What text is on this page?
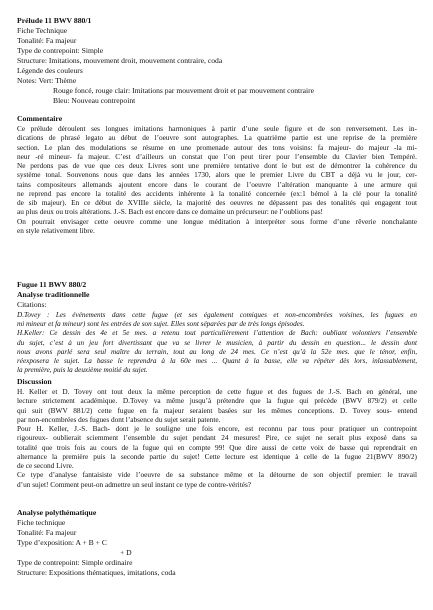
Prélude 11 BWV 880/1
Fiche Technique
Tonalité: Fa majeur
Type de contrepoint: Simple
Structure: Imitations, mouvement droit, mouvement contraire, coda
Légende des couleurs
Notes: Vert: Thème
Rouge foncé, rouge clair: Imitations par mouvement droit et par mouvement contraire
Bleu: Nouveau contrepoint
Commentaire
Ce prélude déroulent ses longues imitations harmoniques à partir d’une seule figure et de son renversement. Les in-
dications de phrasé legato au début de l’oeuvre sont autographes. La quatrième partie est une reprise de la première
section. Le plan des modulations se résume en une promenade autour des tons voisins: fa majeur- do majeur -la mi-
neur -ré mineur- fa majeur. C’est d’ailleurs un constat que l’on peut tirer pour l’ensemble du Clavier bien Tempéré.
Ne perdons pas de vue que ces deux Livres sont une première tentative dont le but est de démontrer la cohérence du
système tonal. Souvenons nous que dans les années 1730, alors que le premier Livre du CBT a déjà vu le jour, cer-
tains compositeurs allemands ajoutent encore dans le courant de l’oeuvre l’altération manquante à une armure qui
ne reprend pas encore la totalité des accidents inhérente à la tonalité concernée (ex:1 bémol à la clé pour la tonalité
de sib majeur). En ce début de XVIIIe siècle, la majorité des oeuvres ne dépassent pas des tonalités qui engagent tout
au plus deux ou trois altérations. J.-S. Bach est encore dans ce domaine un précurseur: ne l’oublions pas!
On pourrait envisager cette oeuvre comme une longue méditation à interpréter sous forme d’une rêverie nonchalante
en style relativement libre.
Fugue 11 BWV 880/2
Analyse traditionnelle
Citations:
D.Tovey : Les événements dans cette fugue (et ses également comiques et non-encombrées voisines, les fugues en
mi mineur et fa mineur) sont les entrées de son sujet. Elles sont séparées par de très longs épisodes.
H.Keller: Ce dessin des 4e et 5e mes. a retenu tout particulièrement l’attention de Bach: oubliant volontiers l’ensemble
du sujet, c’est à un jeu fort divertissant que va se livrer le musicien, à partir du dessin en question... le dessin dont
nous avons parlé sera seul maître du terrain, tout au long de 24 mes. Ce n’est qu’à la 52e mes. que le ténor, enfin,
réexposera le sujet. La basse le reprendra à la 60e mes ... Quant à la basse, elle va répéter dès lors, inlassablement,
la première, puis la deuxième moitié du sujet.
Discussion
H. Keller et D. Tovey ont tout deux la même perception de cette fugue et des fugues de J.-S. Bach en général, une
lecture strictement académique. D.Tovey va même jusqu’à prétendre que la fugue qui précède (BWV 879/2) et celle
qui suit (BWV 881/2) cette fugue en fa majeur seraient basées sur les mêmes conceptions. D. Tovey sous- entend
par non-encombrées des fugues dont l’absence du sujet serait patente.
Pour H. Keller, J.-S. Bach- dont je le souligne une fois encore, est reconnu par tous pour pratiquer un contrepoint
rigoureux- oublierait sciemment l’ensemble du sujet pendant 24 mesures! Pire, ce sujet ne serait plus exposé dans sa
totalité que trois fois au cours de la fugue qui en compte 99! Que dire aussi de cette voix de basse qui reprendrait en
alternance la première puis la seconde partie du sujet! Cette lecture est identique à celle de la fugue 21(BWV 890/2)
de ce second Livre.
Ce type d’analyse fantaisiste vide l’oeuvre de sa substance même et la détourne de son objectif premier: le travail
d’un sujet! Comment peut-on admettre un seul instant ce type de contre-vérités?
Analyse polythématique
Fiche technique
Tonalité: Fa majeur
Type d’exposition: A + B + C
+ D
Type de contrepoint: Simple ordinaire
Structure: Expositions thématiques, imitations, coda
